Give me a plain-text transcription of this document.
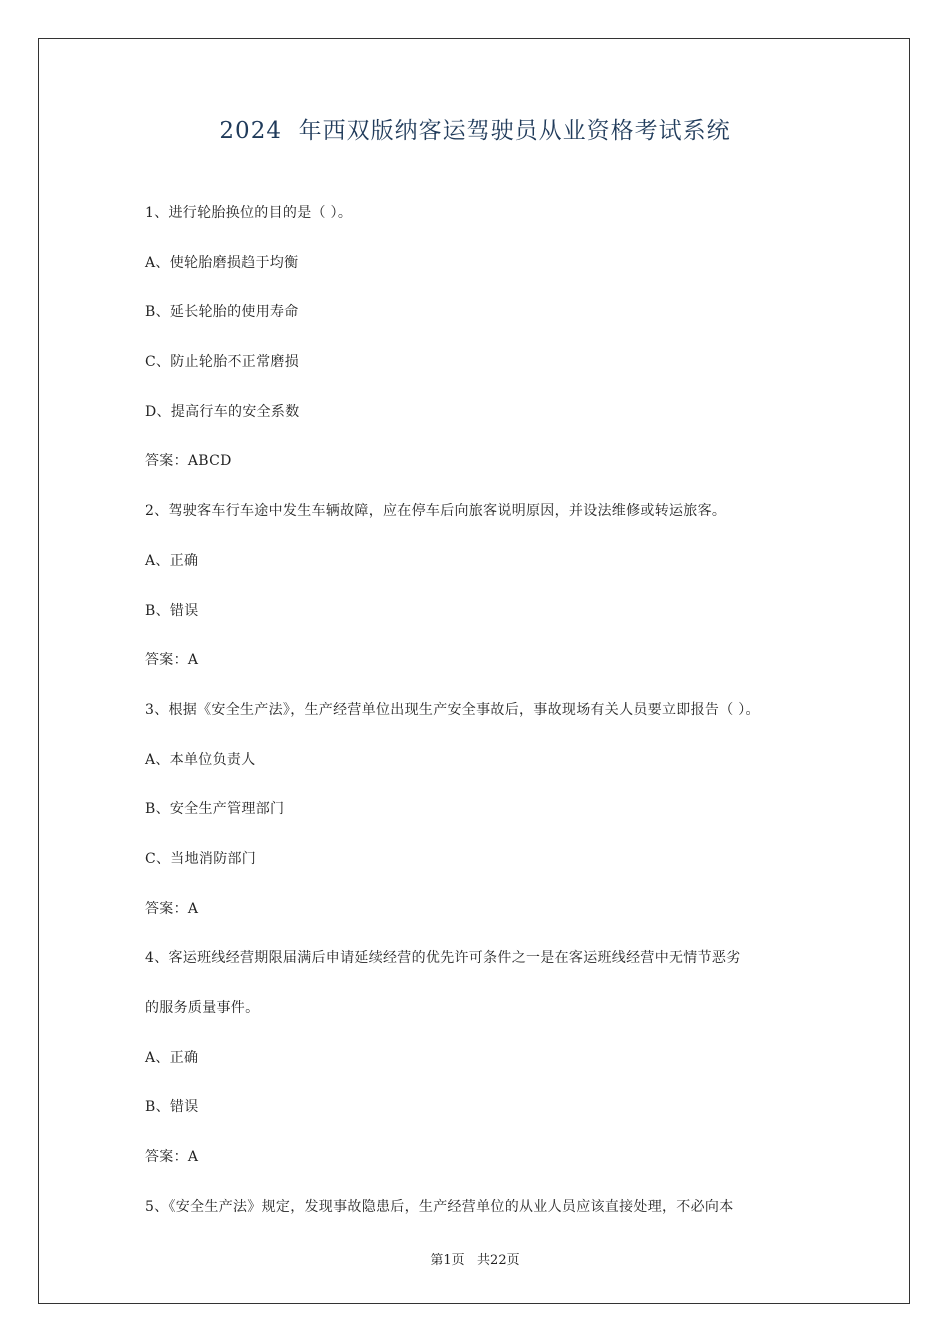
2024  年西双版纳客运驾驶员从业资格考试系统
1、进行轮胎换位的目的是（ ）。
A、使轮胎磨损趋于均衡
B、延长轮胎的使用寿命
C、防止轮胎不正常磨损
D、提高行车的安全系数
答案：ABCD
2、驾驶客车行车途中发生车辆故障，应在停车后向旅客说明原因，并设法维修或转运旅客。
A、正确
B、错误
答案：A
3、根据《安全生产法》，生产经营单位出现生产安全事故后，事故现场有关人员要立即报告（ ）。
A、本单位负责人
B、安全生产管理部门
C、当地消防部门
答案：A
4、客运班线经营期限届满后申请延续经营的优先许可条件之一是在客运班线经营中无情节恶劣
的服务质量事件。
A、正确
B、错误
答案：A
5、《安全生产法》规定，发现事故隐患后，生产经营单位的从业人员应该直接处理，不必向本
第1页   共22页
